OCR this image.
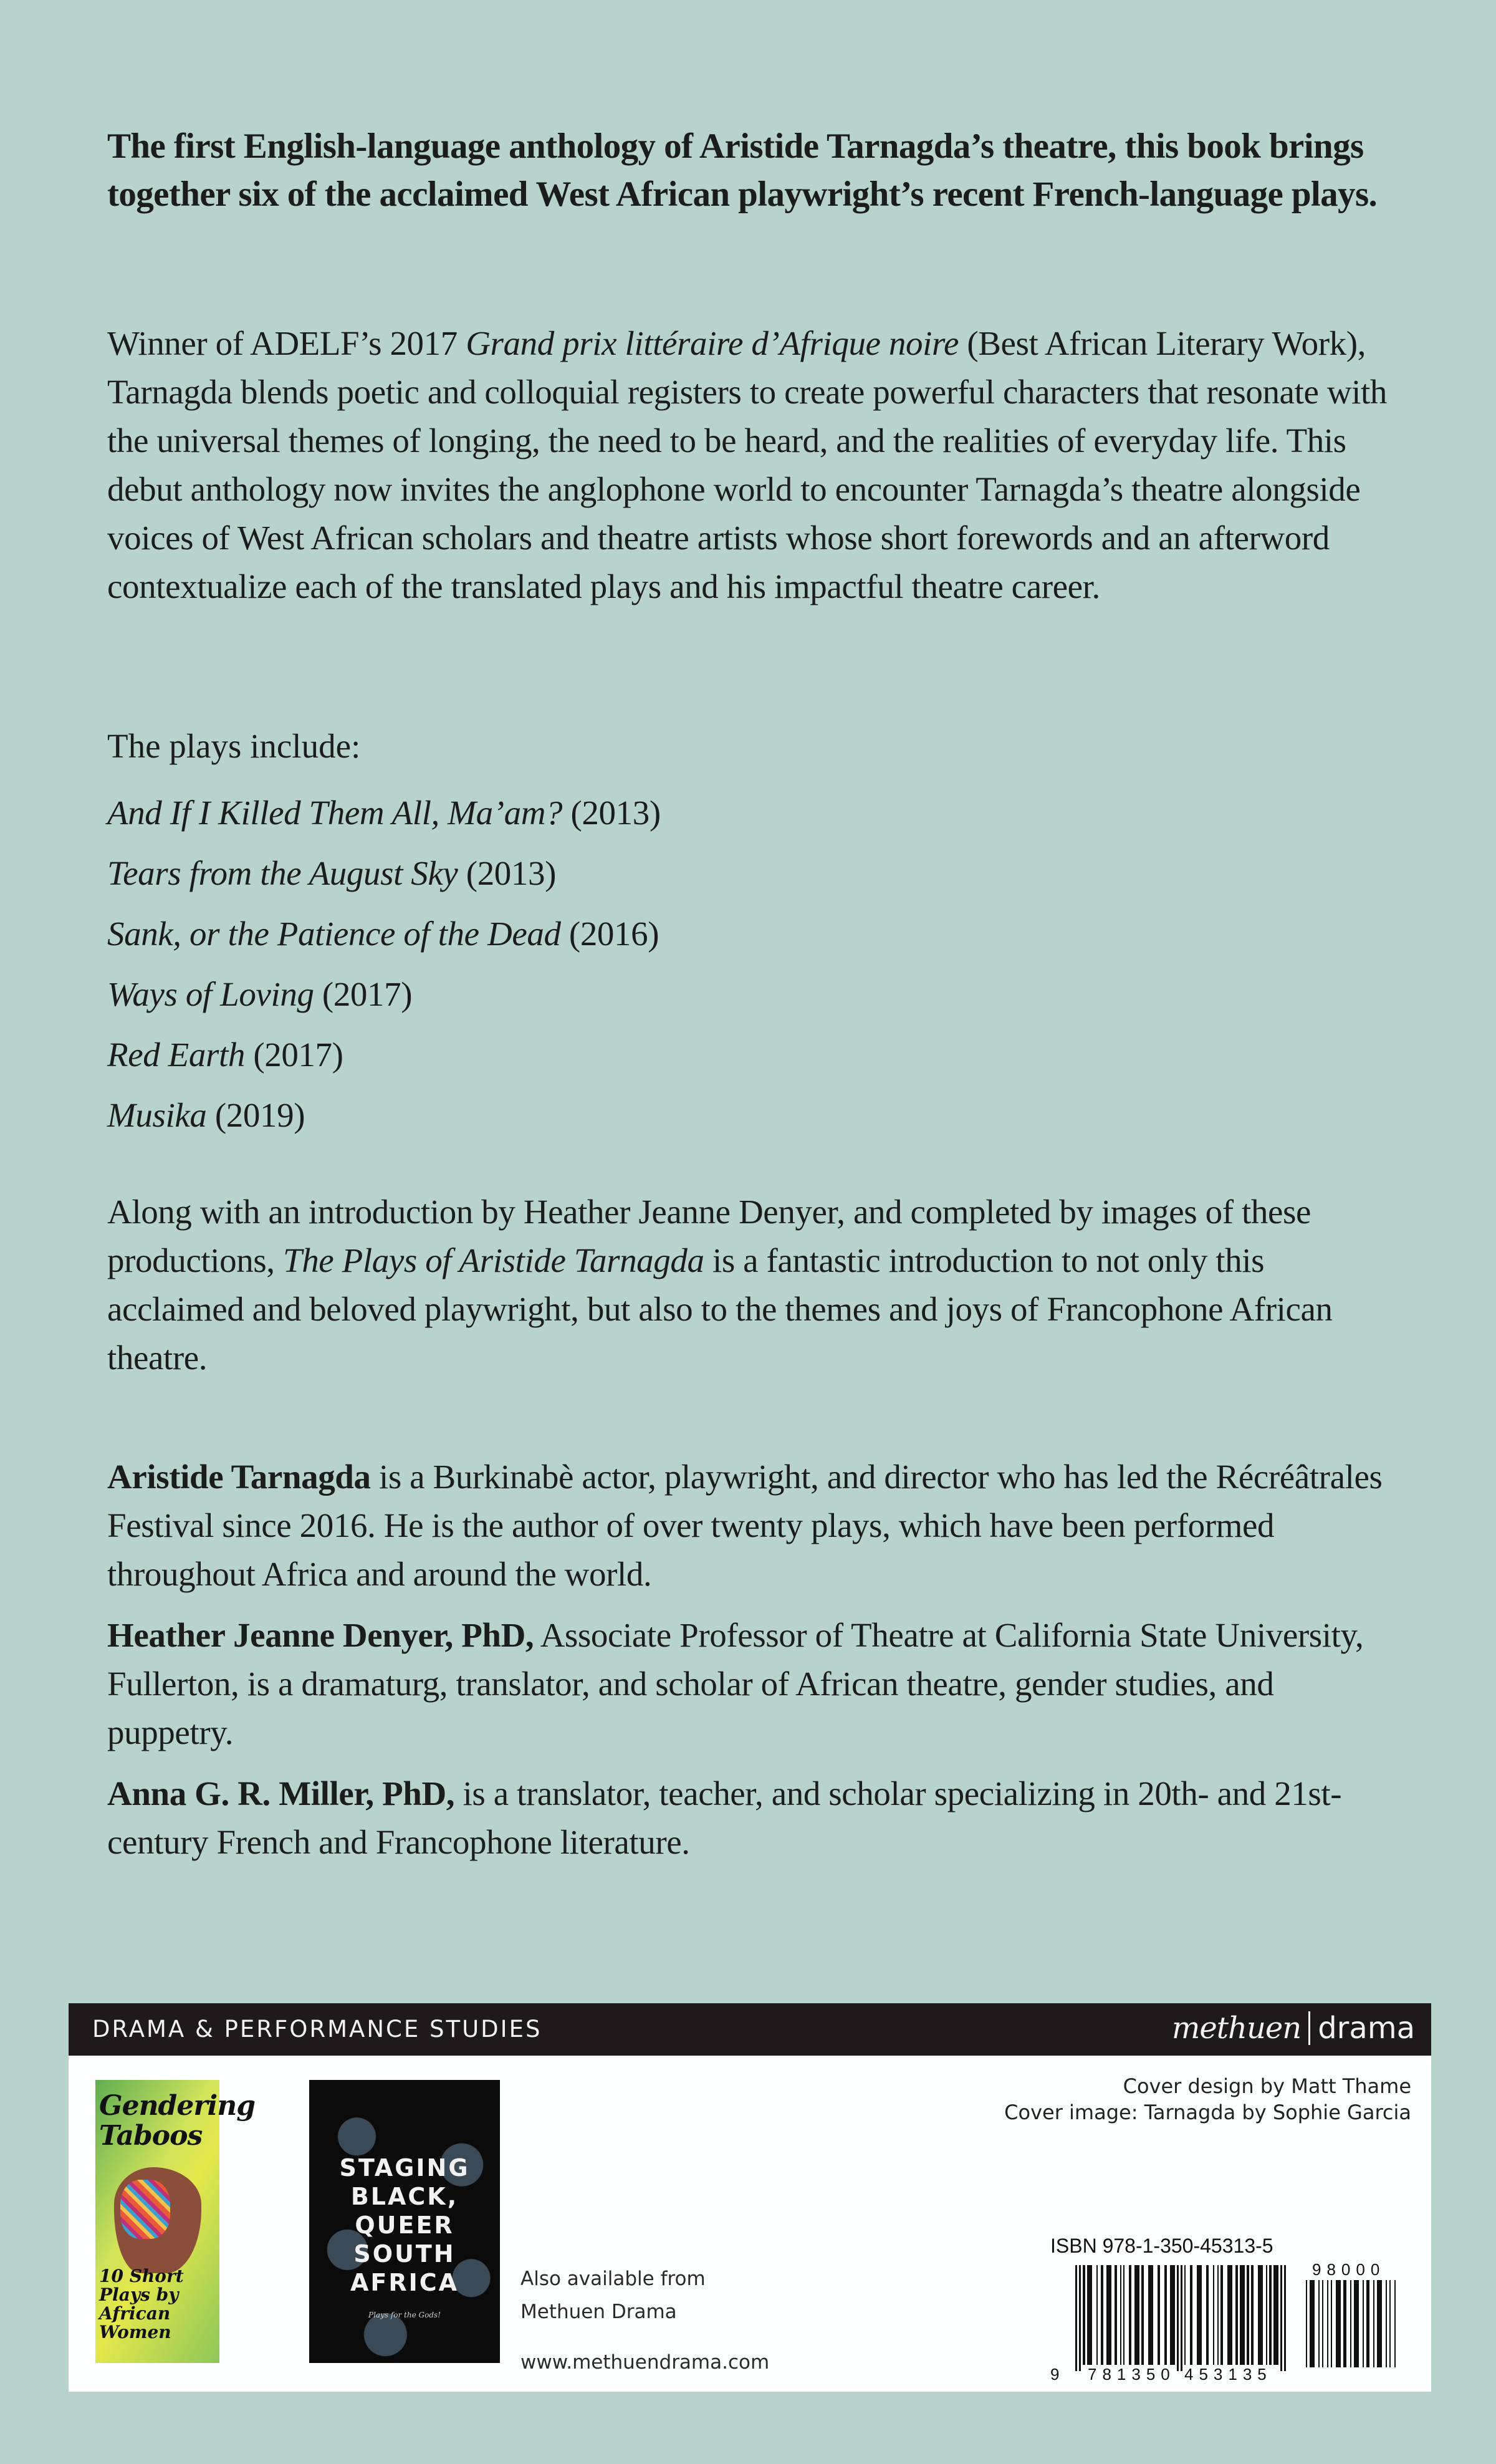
The first English-language anthology of Aristide Tarnagda’s theatre, this book brings together six of the acclaimed West African playwright’s recent French-language plays.
Winner of ADELF’s 2017 Grand prix littéraire d’Afrique noire (Best African Literary Work), Tarnagda blends poetic and colloquial registers to create powerful characters that resonate with the universal themes of longing, the need to be heard, and the realities of everyday life. This debut anthology now invites the anglophone world to encounter Tarnagda’s theatre alongside voices of West African scholars and theatre artists whose short forewords and an afterword contextualize each of the translated plays and his impactful theatre career.
The plays include:
And If I Killed Them All, Ma’am? (2013)
Tears from the August Sky (2013)
Sank, or the Patience of the Dead (2016)
Ways of Loving (2017)
Red Earth (2017)
Musika (2019)
Along with an introduction by Heather Jeanne Denyer, and completed by images of these productions, The Plays of Aristide Tarnagda is a fantastic introduction to not only this acclaimed and beloved playwright, but also to the themes and joys of Francophone African theatre.

Aristide Tarnagda is a Burkinabè actor, playwright, and director who has led the Récréâtrales Festival since 2016. He is the author of over twenty plays, which have been performed throughout Africa and around the world.

Heather Jeanne Denyer, PhD, Associate Professor of Theatre at California State University, Fullerton, is a dramaturg, translator, and scholar of African theatre, gender studies, and puppetry.

Anna G. R. Miller, PhD, is a translator, teacher, and scholar specializing in 20th- and 21st-century French and Francophone literature.

DRAMA & PERFORMANCE STUDIES	methuen drama
Gendering Taboos
10 Short Plays by African Women
STAGING BLACK, QUEER SOUTH AFRICA
Plays for the Gods!
Also available from
Methuen Drama
www.methuendrama.com
Cover design by Matt Thame
Cover image: Tarnagda by Sophie Garcia
ISBN 978-1-350-45313-5
9 781350 453135
98000
